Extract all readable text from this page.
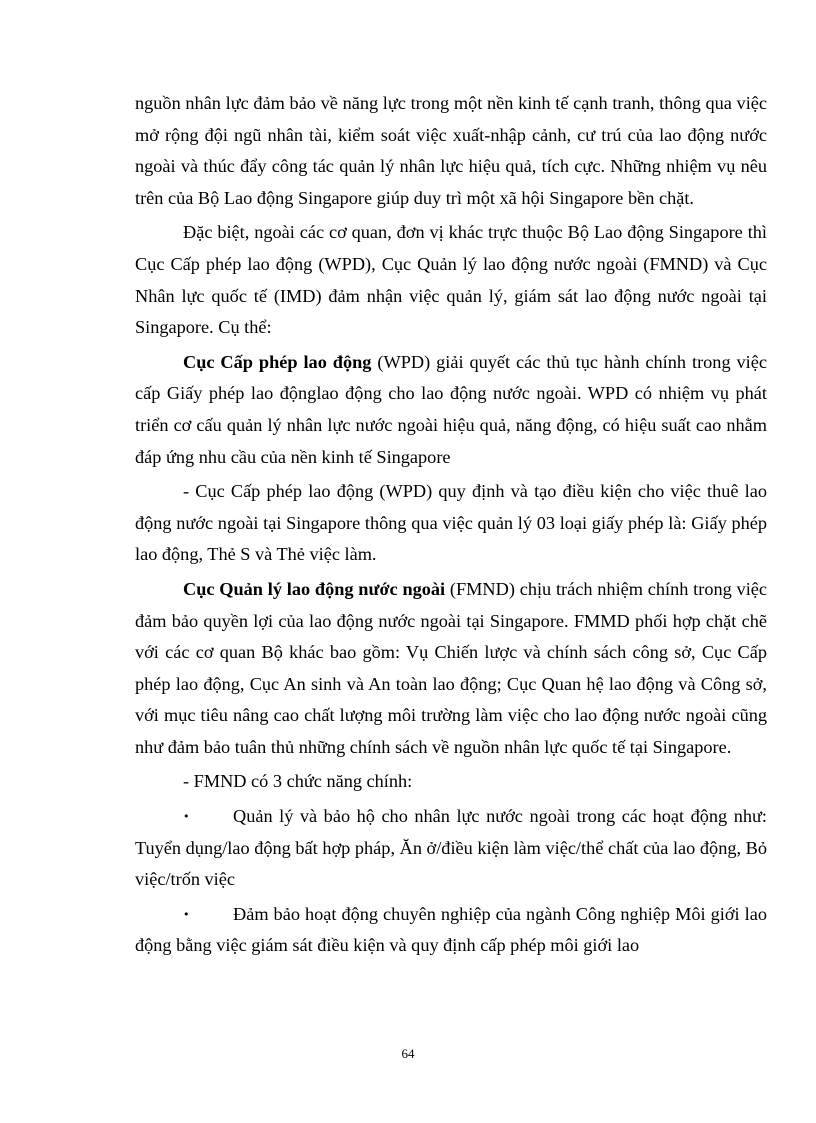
nguồn nhân lực đảm bảo về năng lực trong một nền kinh tế cạnh tranh, thông qua việc mở rộng đội ngũ nhân tài, kiểm soát việc xuất-nhập cảnh, cư trú của lao động nước ngoài và thúc đẩy công tác quản lý nhân lực hiệu quả, tích cực. Những nhiệm vụ nêu trên của Bộ Lao động Singapore giúp duy trì một xã hội Singapore bền chặt.

Đặc biệt, ngoài các cơ quan, đơn vị khác trực thuộc Bộ Lao động Singapore thì Cục Cấp phép lao động (WPD), Cục Quản lý lao động nước ngoài (FMND) và Cục Nhân lực quốc tế (IMD) đảm nhận việc quản lý, giám sát lao động nước ngoài tại Singapore. Cụ thể:

Cục Cấp phép lao động (WPD) giải quyết các thủ tục hành chính trong việc cấp Giấy phép lao độnglao động cho lao động nước ngoài. WPD có nhiệm vụ phát triển cơ cấu quản lý nhân lực nước ngoài hiệu quả, năng động, có hiệu suất cao nhằm đáp ứng nhu cầu của nền kinh tế Singapore

- Cục Cấp phép lao động (WPD) quy định và tạo điều kiện cho việc thuê lao động nước ngoài tại Singapore thông qua việc quản lý 03 loại giấy phép là: Giấy phép lao động, Thẻ S và Thẻ việc làm.

Cục Quản lý lao động nước ngoài (FMND) chịu trách nhiệm chính trong việc đảm bảo quyền lợi của lao động nước ngoài tại Singapore. FMMD phối hợp chặt chẽ với các cơ quan Bộ khác bao gồm: Vụ Chiến lược và chính sách công sở, Cục Cấp phép lao động, Cục An sinh và An toàn lao động; Cục Quan hệ lao động và Công sở, với mục tiêu nâng cao chất lượng môi trường làm việc cho lao động nước ngoài cũng như đảm bảo tuân thủ những chính sách về nguồn nhân lực quốc tế tại Singapore.

- FMND có 3 chức năng chính:

•Quản lý và bảo hộ cho nhân lực nước ngoài trong các hoạt động như: Tuyển dụng/lao động bất hợp pháp, Ăn ở/điều kiện làm việc/thể chất của lao động, Bỏ việc/trốn việc

•Đảm bảo hoạt động chuyên nghiệp của ngành Công nghiệp Môi giới lao động bằng việc giám sát điều kiện và quy định cấp phép môi giới lao

64
